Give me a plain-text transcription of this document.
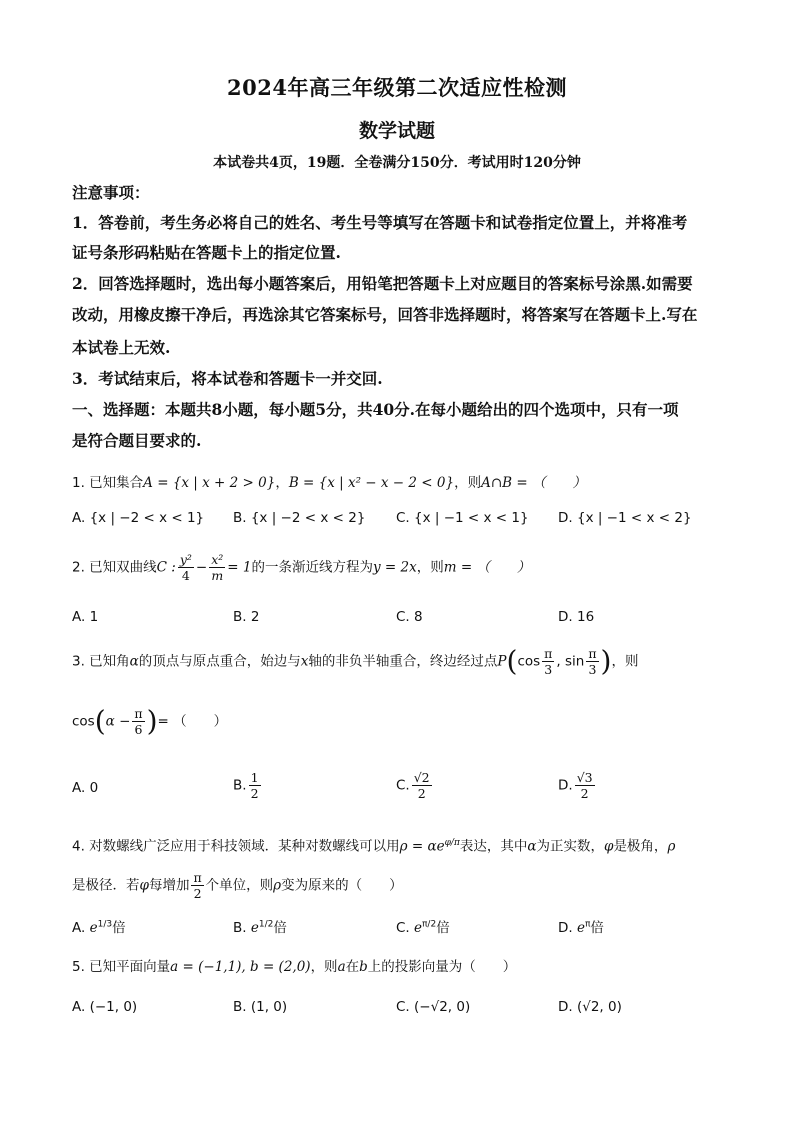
2024年高三年级第二次适应性检测
数学试题
本试卷共4页，19题．全卷满分150分．考试用时120分钟
注意事项：
1．答卷前，考生务必将自己的姓名、考生号等填写在答题卡和试卷指定位置上，并将准考
证号条形码粘贴在答题卡上的指定位置.
2．回答选择题时，选出每小题答案后，用铅笔把答题卡上对应题目的答案标号涂黑.如需要
改动，用橡皮擦干净后，再选涂其它答案标号，回答非选择题时，将答案写在答题卡上.写在
本试卷上无效.
3．考试结束后，将本试卷和答题卡一并交回.
一、选择题：本题共8小题，每小题5分，共40分.在每小题给出的四个选项中，只有一项
是符合题目要求的.
1. 已知集合A = {x | x + 2 > 0}，B = {x | x² − x − 2 < 0}，则A∩B = （　　）
A. {x | −2 < x < 1} B. {x | −2 < x < 2} C. {x | −1 < x < 1} D. {x | −1 < x < 2}
2. 已知双曲线C : $\frac{\text{y²}}{4} - \frac{\text{x²}}{m} = 1$的一条渐近线方程为y = 2x，则m = （　　）
A. 1	B. 2	C. 8	D. 16
3. 已知角α的顶点与原点重合，始边与x轴的非负半轴重合，终边经过点$P(\cos \frac{\pi}{3}$ , $\sin \frac{\pi}{3}$ )，则
$\cos(\alpha - \frac{\pi}{6}$ )= （　　）
A. 0	B. $\frac{1}{2}$	C. $\frac{√2}{2}$	D. $\frac{√3}{2}$
4. 对数螺线广泛应用于科技领域．某种对数螺线可以用$\rho = \alpha e^{\varphi/\pi}$表达，其中α为正实数，φ是极角，ρ
是极径．若φ每增加 $\frac{\pi}{2}$ 个单位，则ρ变为原来的（　　）
A. $e^{1/3}$倍	B. $e^{1/2}$倍	C. $e^{\pi/2}$倍	D. $e^\pi$倍
5. 已知平面向量a = (−1,1), b = (2,0)，则a在b上的投影向量为（　　）
A. (−1, 0)	B. (1, 0)	C. (−√2, 0)	D. (√2, 0)
